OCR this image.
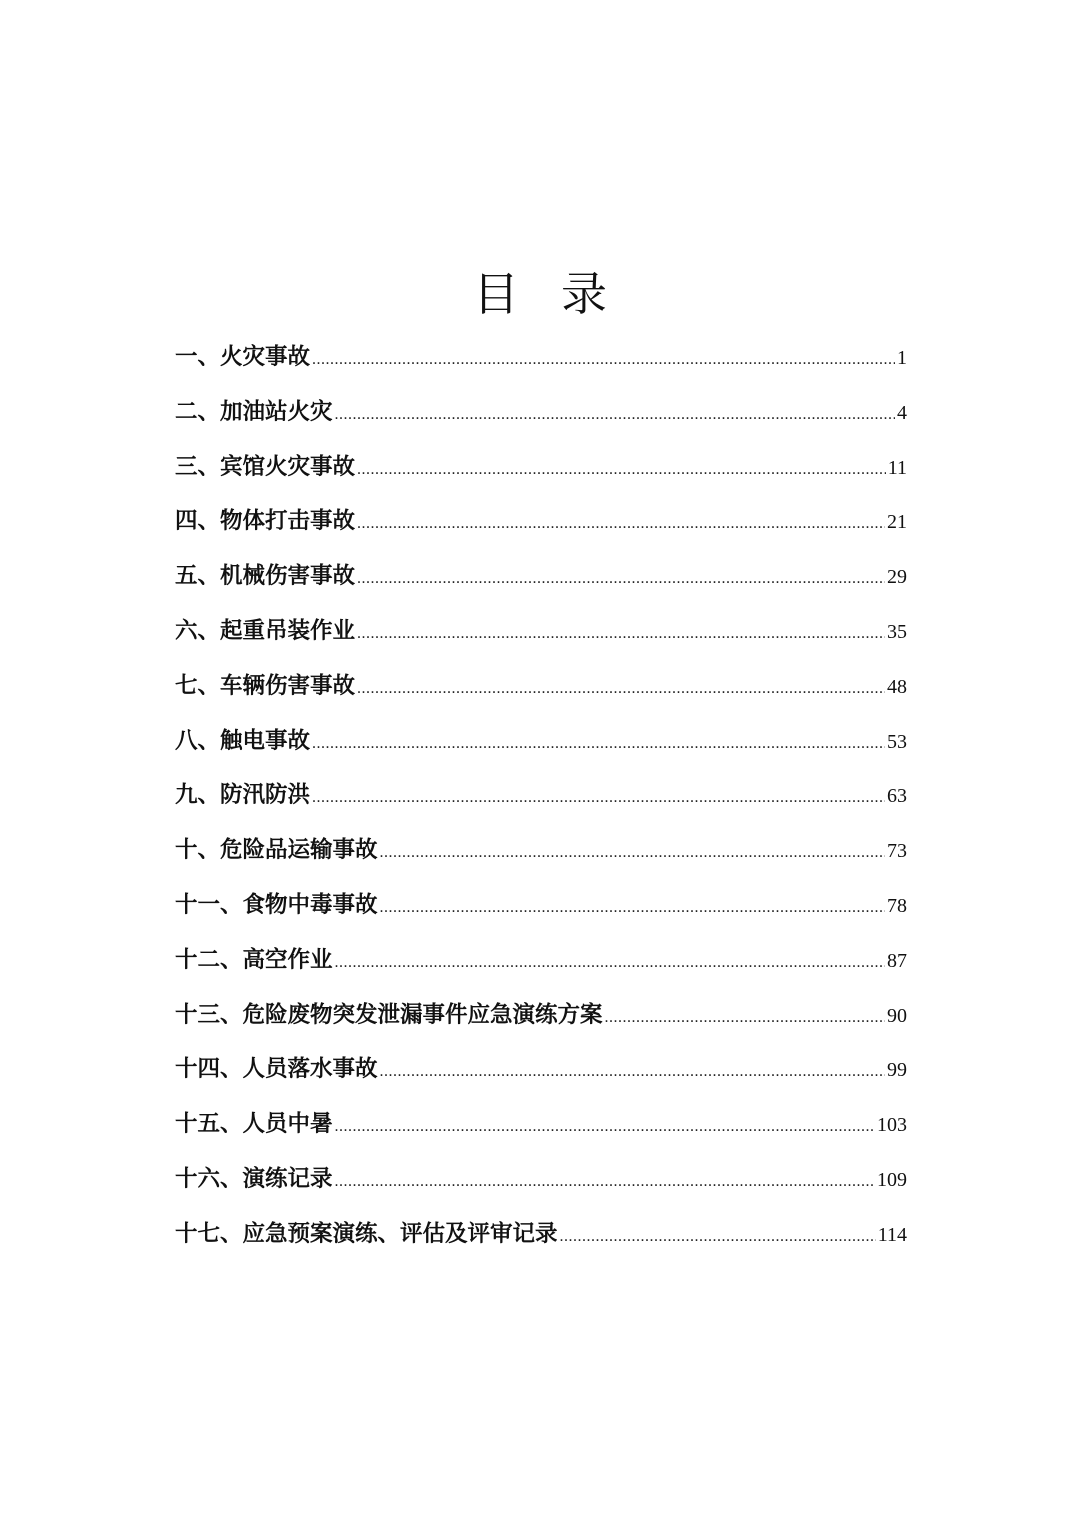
目录
一、火灾事故 .....	1
二、加油站火灾 .....	4
三、宾馆火灾事故 .....	11
四、物体打击事故 .....	21
五、机械伤害事故 .....	29
六、起重吊装作业 .....	35
七、车辆伤害事故 .....	48
八、触电事故 .....	53
九、防汛防洪 .....	63
十、危险品运输事故 .....	73
十一、食物中毒事故 .....	78
十二、高空作业 .....	87
十三、危险废物突发泄漏事件应急演练方案 .....	90
十四、人员落水事故 .....	99
十五、人员中暑 .....	103
十六、演练记录 .....	109
十七、应急预案演练、评估及评审记录 .....	114
